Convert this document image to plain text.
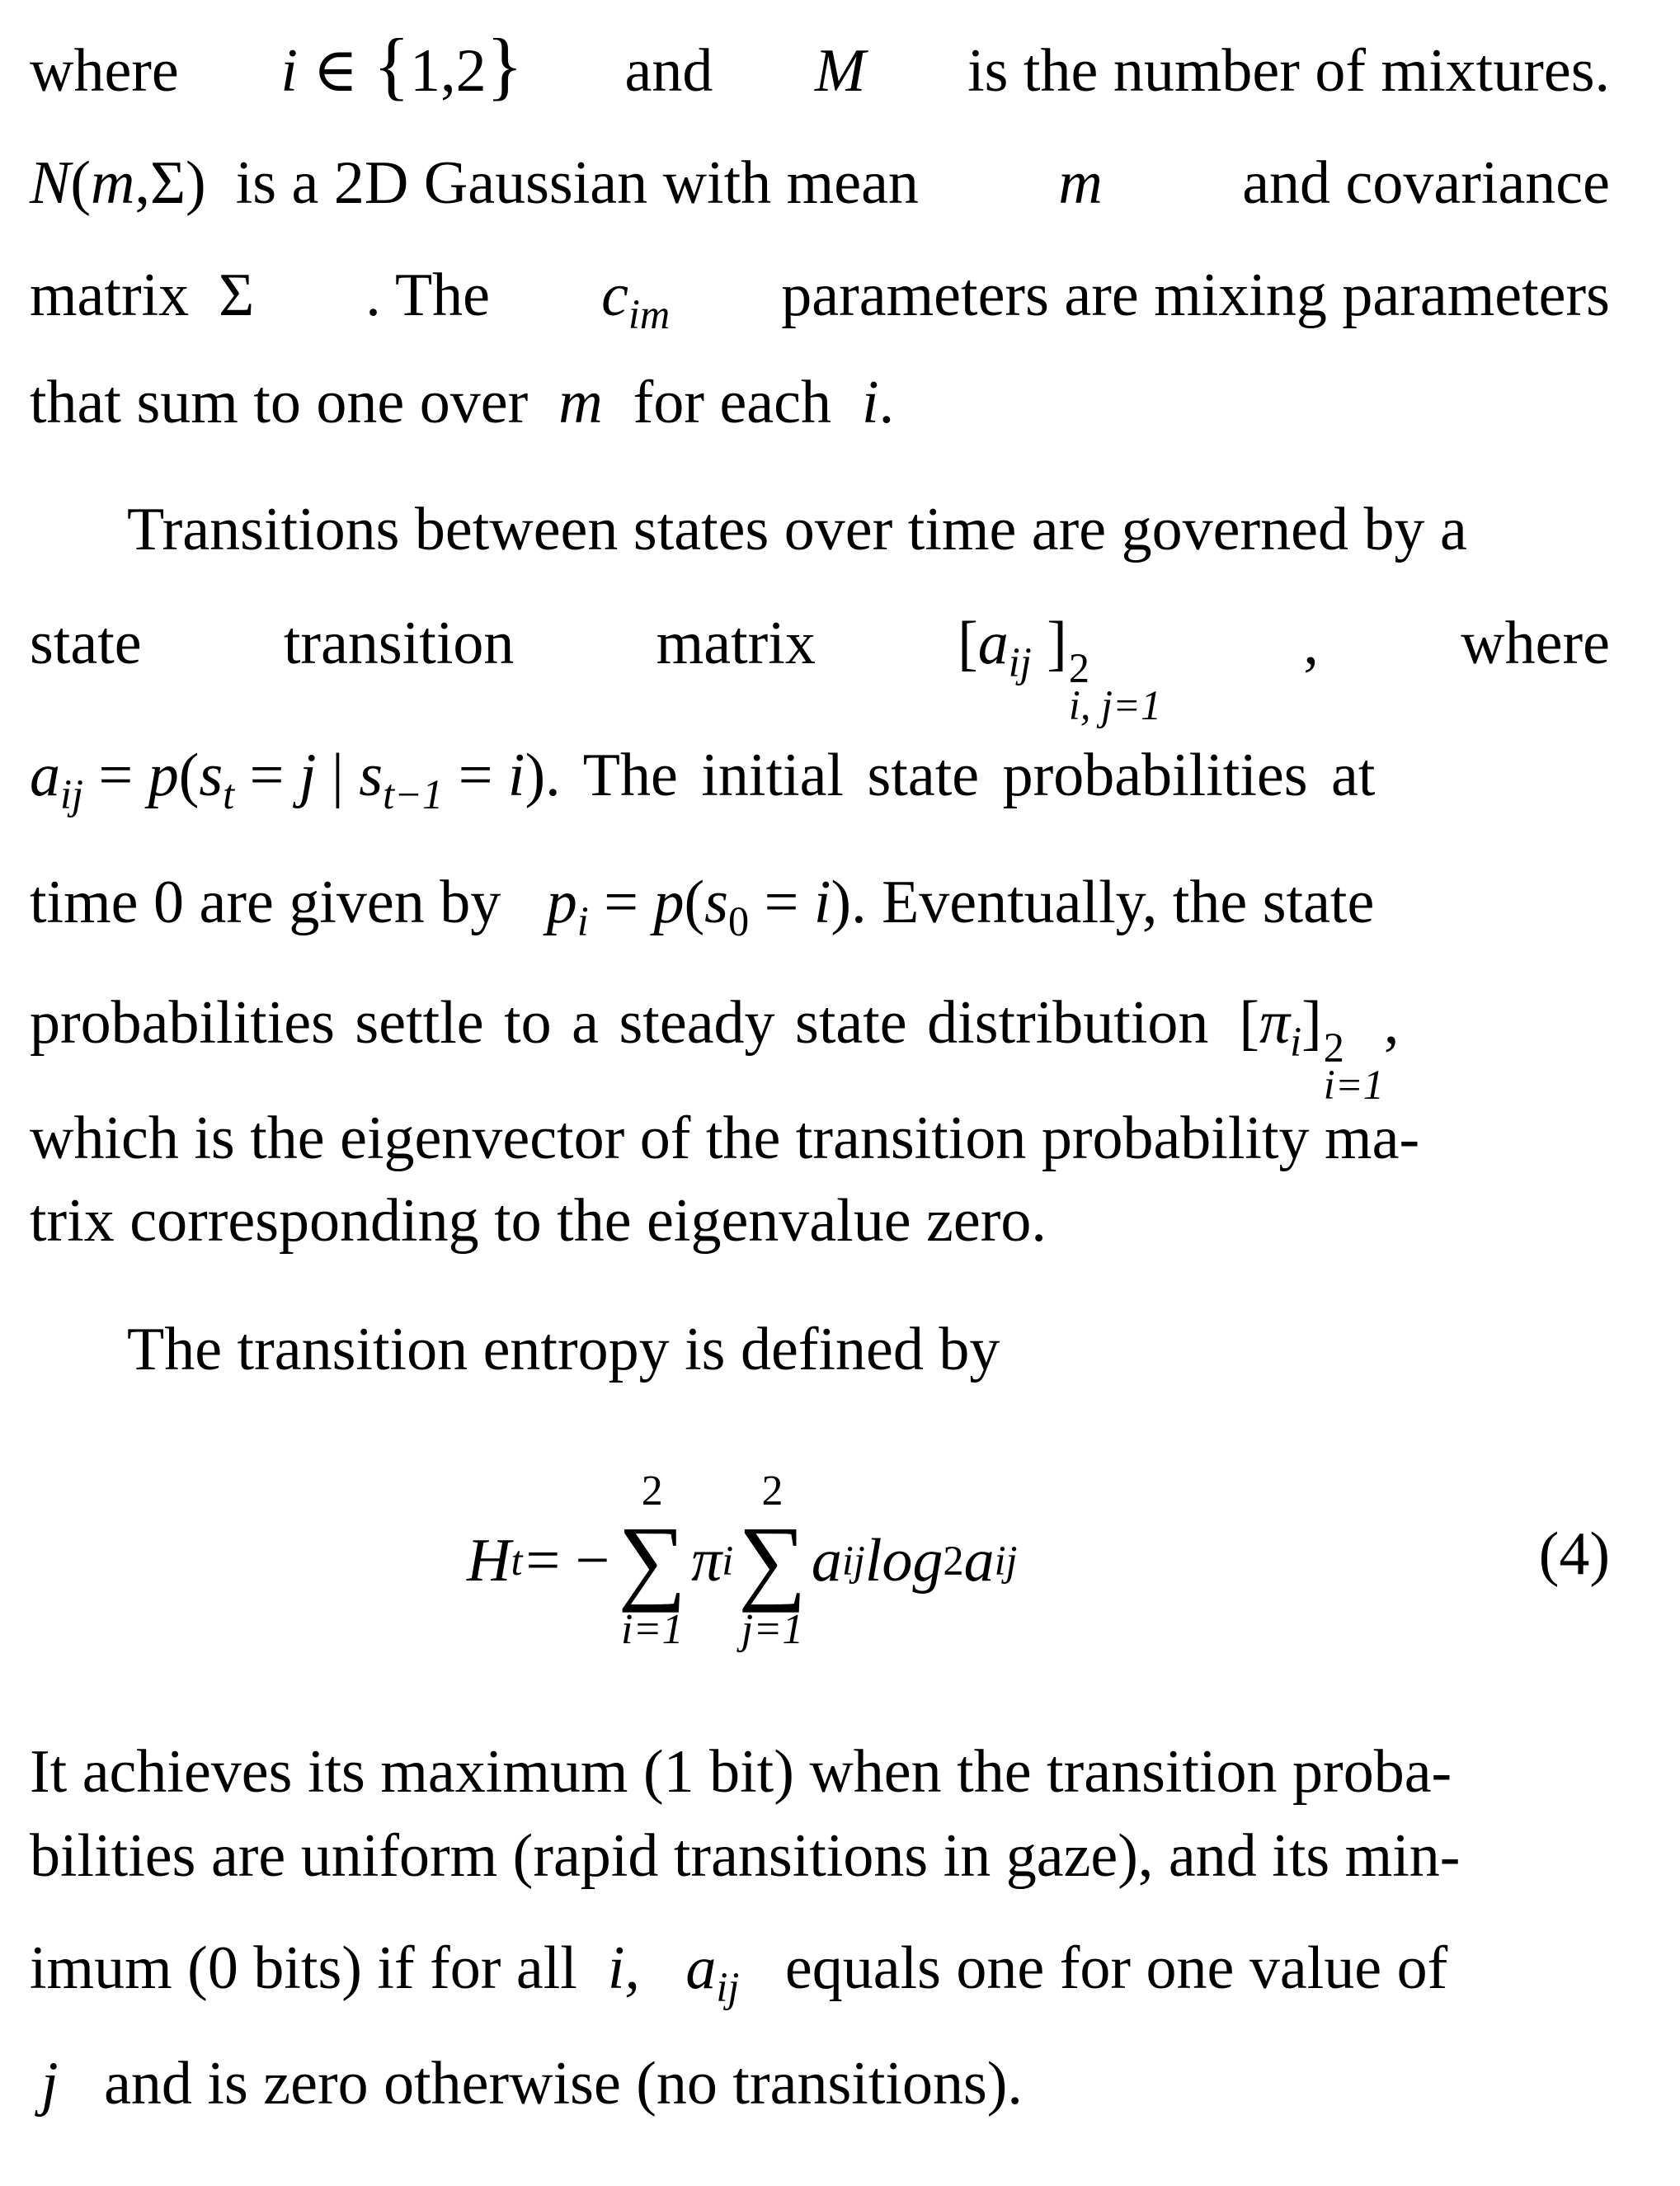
where i ∈ {1,2} and M is the number of mixtures.
N(m,Σ) is a 2D Gaussian with mean m and covariance
matrix Σ . The $c_{im}$ parameters are mixing parameters
that sum to one over m for each i.
Transitions between states over time are governed by a
state transition matrix [$a_{ij}$ ] 2
i, j=1
, where
$a_{ij} = p(s_t = j$ | $s_{t-1} = i$). The initial state probabilities at
time 0 are given by $p_i = p(s_0 = i)$. Eventually, the state
probabilities settle to a steady state distribution $[\pi_i]$ 2
i=1
,
which is the eigenvector of the transition probability ma-
trix corresponding to the eigenvalue zero.
The transition entropy is defined by
H t = −
2
∑
i=1
π i
2
∑
j=1
a ij log 2 a ij	(4)
It achieves its maximum (1 bit) when the transition proba-
bilities are uniform (rapid transitions in gaze), and its min-
imum (0 bits) if for all i, $a_{ij}$ equals one for one value of
j and is zero otherwise (no transitions).
